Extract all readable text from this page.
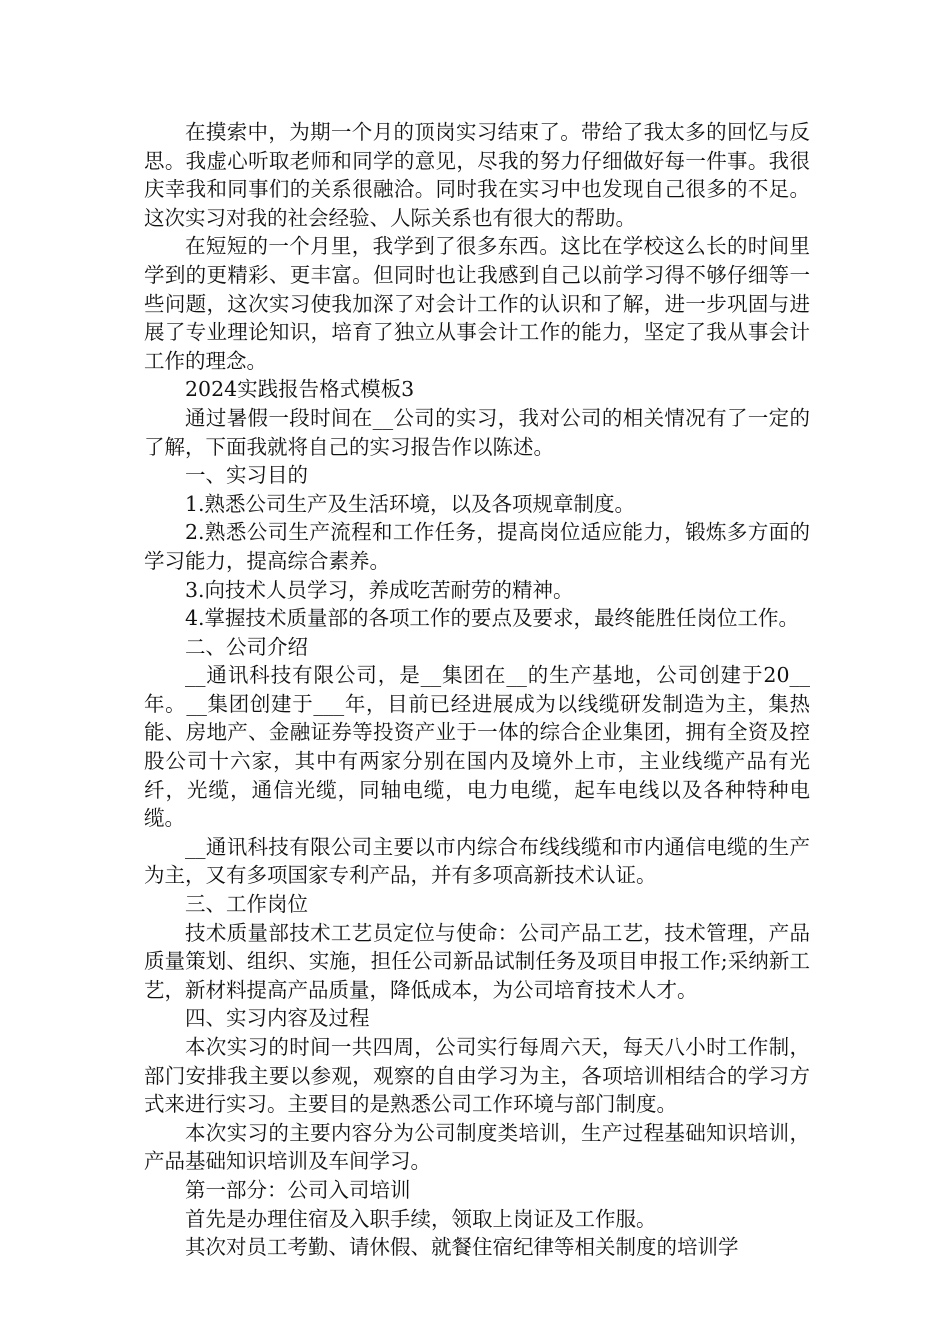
在摸索中，为期一个月的顶岗实习结束了。带给了我太多的回忆与反思。我虚心听取老师和同学的意见，尽我的努力仔细做好每一件事。我很庆幸我和同事们的关系很融洽。同时我在实习中也发现自己很多的不足。这次实习对我的社会经验、人际关系也有很大的帮助。

在短短的一个月里，我学到了很多东西。这比在学校这么长的时间里学到的更精彩、更丰富。但同时也让我感到自己以前学习得不够仔细等一些问题，这次实习使我加深了对会计工作的认识和了解，进一步巩固与进展了专业理论知识，培育了独立从事会计工作的能力，坚定了我从事会计工作的理念。

2024实践报告格式模板3

通过暑假一段时间在__公司的实习，我对公司的相关情况有了一定的了解，下面我就将自己的实习报告作以陈述。

一、实习目的

1.熟悉公司生产及生活环境，以及各项规章制度。

2.熟悉公司生产流程和工作任务，提高岗位适应能力，锻炼多方面的学习能力，提高综合素养。

3.向技术人员学习，养成吃苦耐劳的精神。

4.掌握技术质量部的各项工作的要点及要求，最终能胜任岗位工作。

二、公司介绍

__通讯科技有限公司，是__集团在__的生产基地，公司创建于20__年。__集团创建于___年，目前已经进展成为以线缆研发制造为主，集热能、房地产、金融证券等投资产业于一体的综合企业集团，拥有全资及控股公司十六家，其中有两家分别在国内及境外上市，主业线缆产品有光纤，光缆，通信光缆，同轴电缆，电力电缆，起车电线以及各种特种电缆。

__通讯科技有限公司主要以市内综合布线线缆和市内通信电缆的生产为主，又有多项国家专利产品，并有多项高新技术认证。

三、工作岗位

技术质量部技术工艺员定位与使命：公司产品工艺，技术管理，产品质量策划、组织、实施，担任公司新品试制任务及项目申报工作;采纳新工艺，新材料提高产品质量，降低成本，为公司培育技术人才。

四、实习内容及过程

本次实习的时间一共四周，公司实行每周六天，每天八小时工作制，部门安排我主要以参观，观察的自由学习为主，各项培训相结合的学习方式来进行实习。主要目的是熟悉公司工作环境与部门制度。

本次实习的主要内容分为公司制度类培训，生产过程基础知识培训，产品基础知识培训及车间学习。

第一部分：公司入司培训

首先是办理住宿及入职手续，领取上岗证及工作服。

其次对员工考勤、请休假、就餐住宿纪律等相关制度的培训学
